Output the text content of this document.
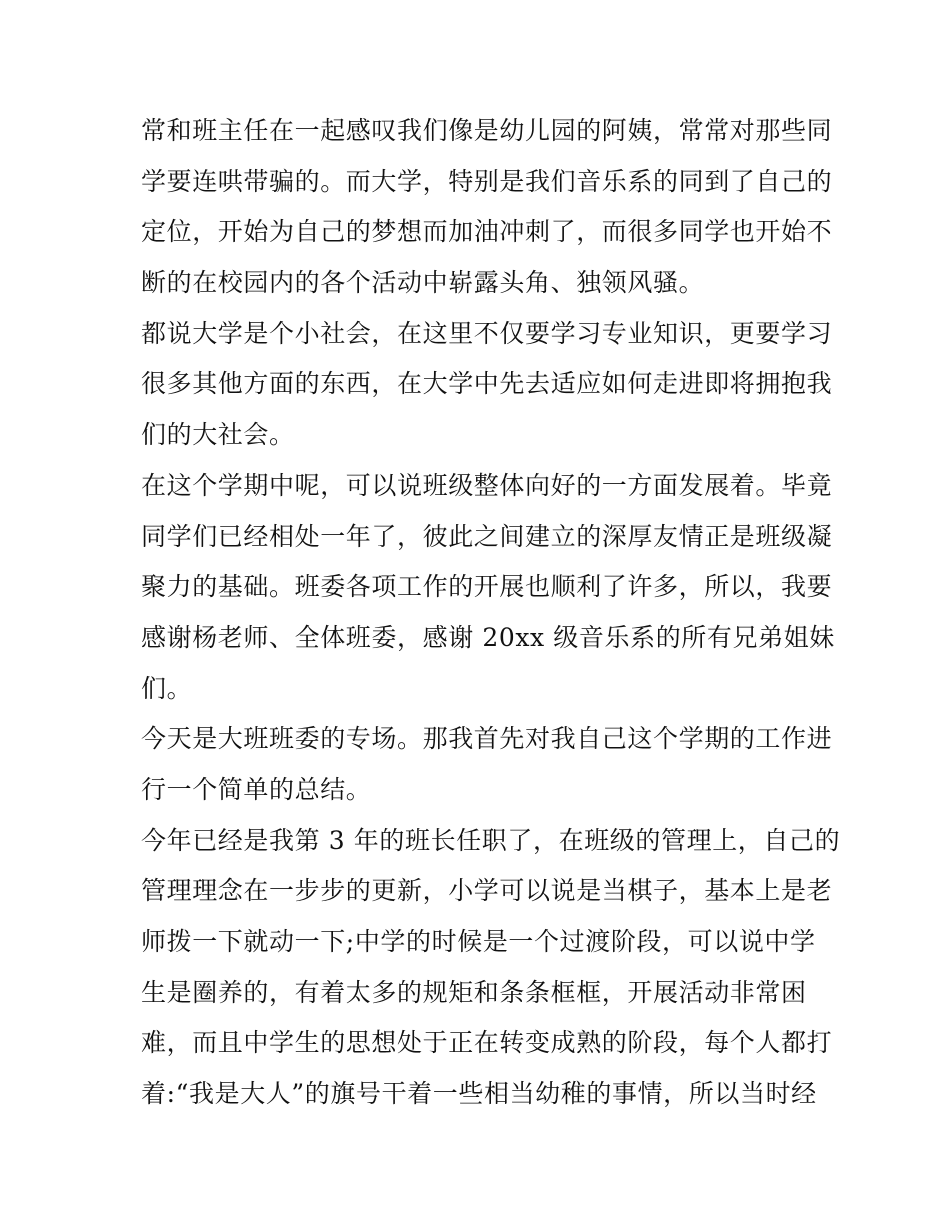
常和班主任在一起感叹我们像是幼儿园的阿姨，常常对那些同
学要连哄带骗的。而大学，特别是我们音乐系的同到了自己的
定位，开始为自己的梦想而加油冲刺了，而很多同学也开始不
断的在校园内的各个活动中崭露头角、独领风骚。
都说大学是个小社会，在这里不仅要学习专业知识，更要学习
很多其他方面的东西，在大学中先去适应如何走进即将拥抱我
们的大社会。
在这个学期中呢，可以说班级整体向好的一方面发展着。毕竟
同学们已经相处一年了，彼此之间建立的深厚友情正是班级凝
聚力的基础。班委各项工作的开展也顺利了许多，所以，我要
感谢杨老师、全体班委，感谢 20xx 级音乐系的所有兄弟姐妹
们。
今天是大班班委的专场。那我首先对我自己这个学期的工作进
行一个简单的总结。
今年已经是我第 3 年的班长任职了，在班级的管理上，自己的
管理理念在一步步的更新，小学可以说是当棋子，基本上是老
师拨一下就动一下;中学的时候是一个过渡阶段，可以说中学
生是圈养的，有着太多的规矩和条条框框，开展活动非常困
难，而且中学生的思想处于正在转变成熟的阶段，每个人都打
着:“我是大人”的旗号干着一些相当幼稚的事情，所以当时经
